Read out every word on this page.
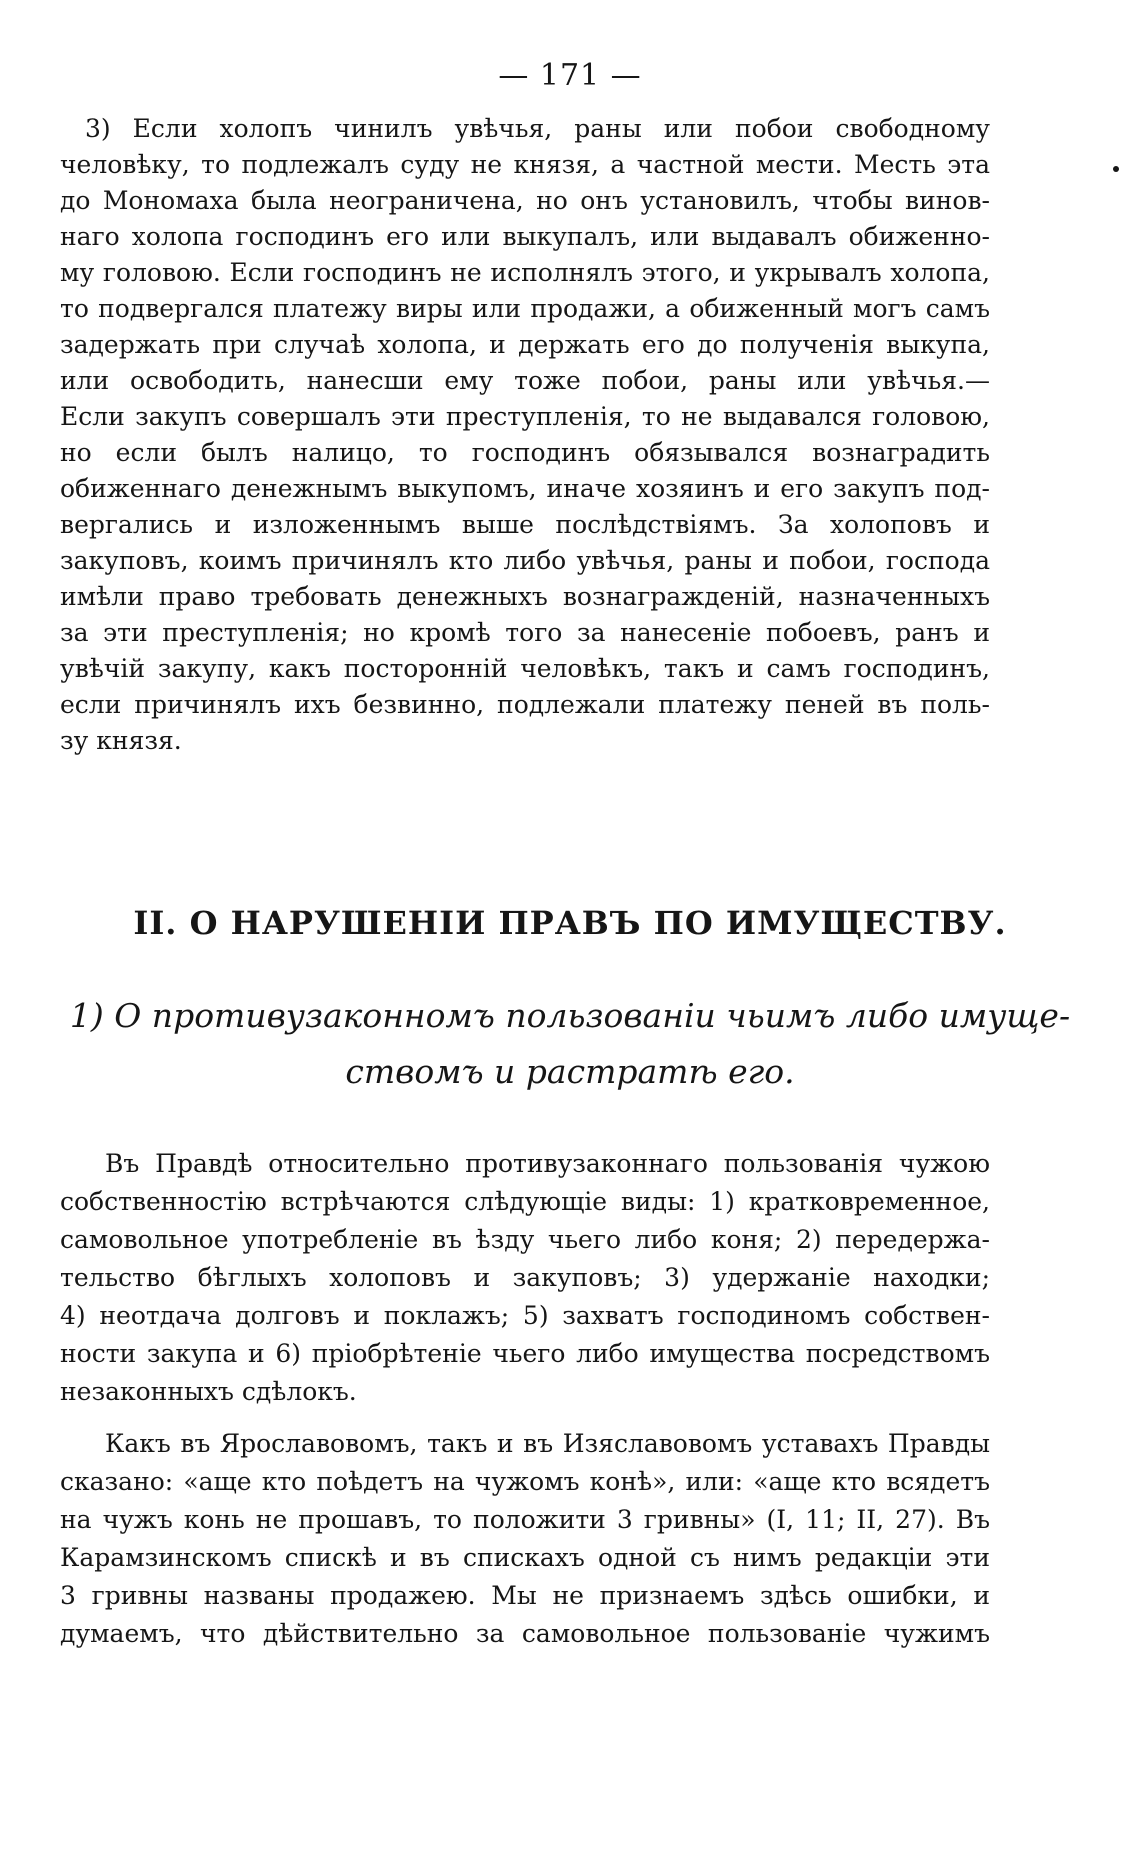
— 171 —
3) Если холопъ чинилъ увѣчья, раны или побои свободному
человѣку, то подлежалъ суду не князя, а частной мести. Месть эта
до Мономаха была неограничена, но онъ установилъ, чтобы винов-
наго холопа господинъ его или выкупалъ, или выдавалъ обиженно-
му головою. Если господинъ не исполнялъ этого, и укрывалъ холопа,
то подвергался платежу виры или продажи, а обиженный могъ самъ
задержать при случаѣ холопа, и держать его до полученія выкупа,
или освободить, нанесши ему тоже побои, раны или увѣчья.—
Если закупъ совершалъ эти преступленія, то не выдавался головою,
но если былъ налицо, то господинъ обязывался вознаградить
обиженнаго денежнымъ выкупомъ, иначе хозяинъ и его закупъ под-
вергались и изложеннымъ выше послѣдствіямъ. За холоповъ и
закуповъ, коимъ причинялъ кто либо увѣчья, раны и побои, господа
имѣли право требовать денежныхъ вознагражденій, назначенныхъ
за эти преступленія; но кромѣ того за нанесеніе побоевъ, ранъ и
увѣчій закупу, какъ посторонній человѣкъ, такъ и самъ господинъ,
если причинялъ ихъ безвинно, подлежали платежу пеней въ поль-
зу князя.
II. О НАРУШЕНІИ ПРАВЪ ПО ИМУЩЕСТВУ.
1) О противузаконномъ пользованіи чьимъ либо имуще-
ствомъ и растратѣ его.
Въ Правдѣ относительно противузаконнаго пользованія чужою
собственностію встрѣчаются слѣдующіе виды: 1) кратковременное,
самовольное употребленіе въ ѣзду чьего либо коня; 2) передержа-
тельство бѣглыхъ холоповъ и закуповъ; 3) удержаніе находки;
4) неотдача долговъ и поклажъ; 5) захватъ господиномъ собствен-
ности закупа и 6) пріобрѣтеніе чьего либо имущества посредствомъ
незаконныхъ сдѣлокъ.
Какъ въ Ярославовомъ, такъ и въ Изяславовомъ уставахъ Правды
сказано: «аще кто поѣдетъ на чужомъ конѣ», или: «аще кто всядетъ
на чужъ конь не прошавъ, то положити 3 гривны» (I, 11; II, 27). Въ
Карамзинскомъ спискѣ и въ спискахъ одной съ нимъ редакціи эти
3 гривны названы продажею. Мы не признаемъ здѣсь ошибки, и
думаемъ, что дѣйствительно за самовольное пользованіе чужимъ
